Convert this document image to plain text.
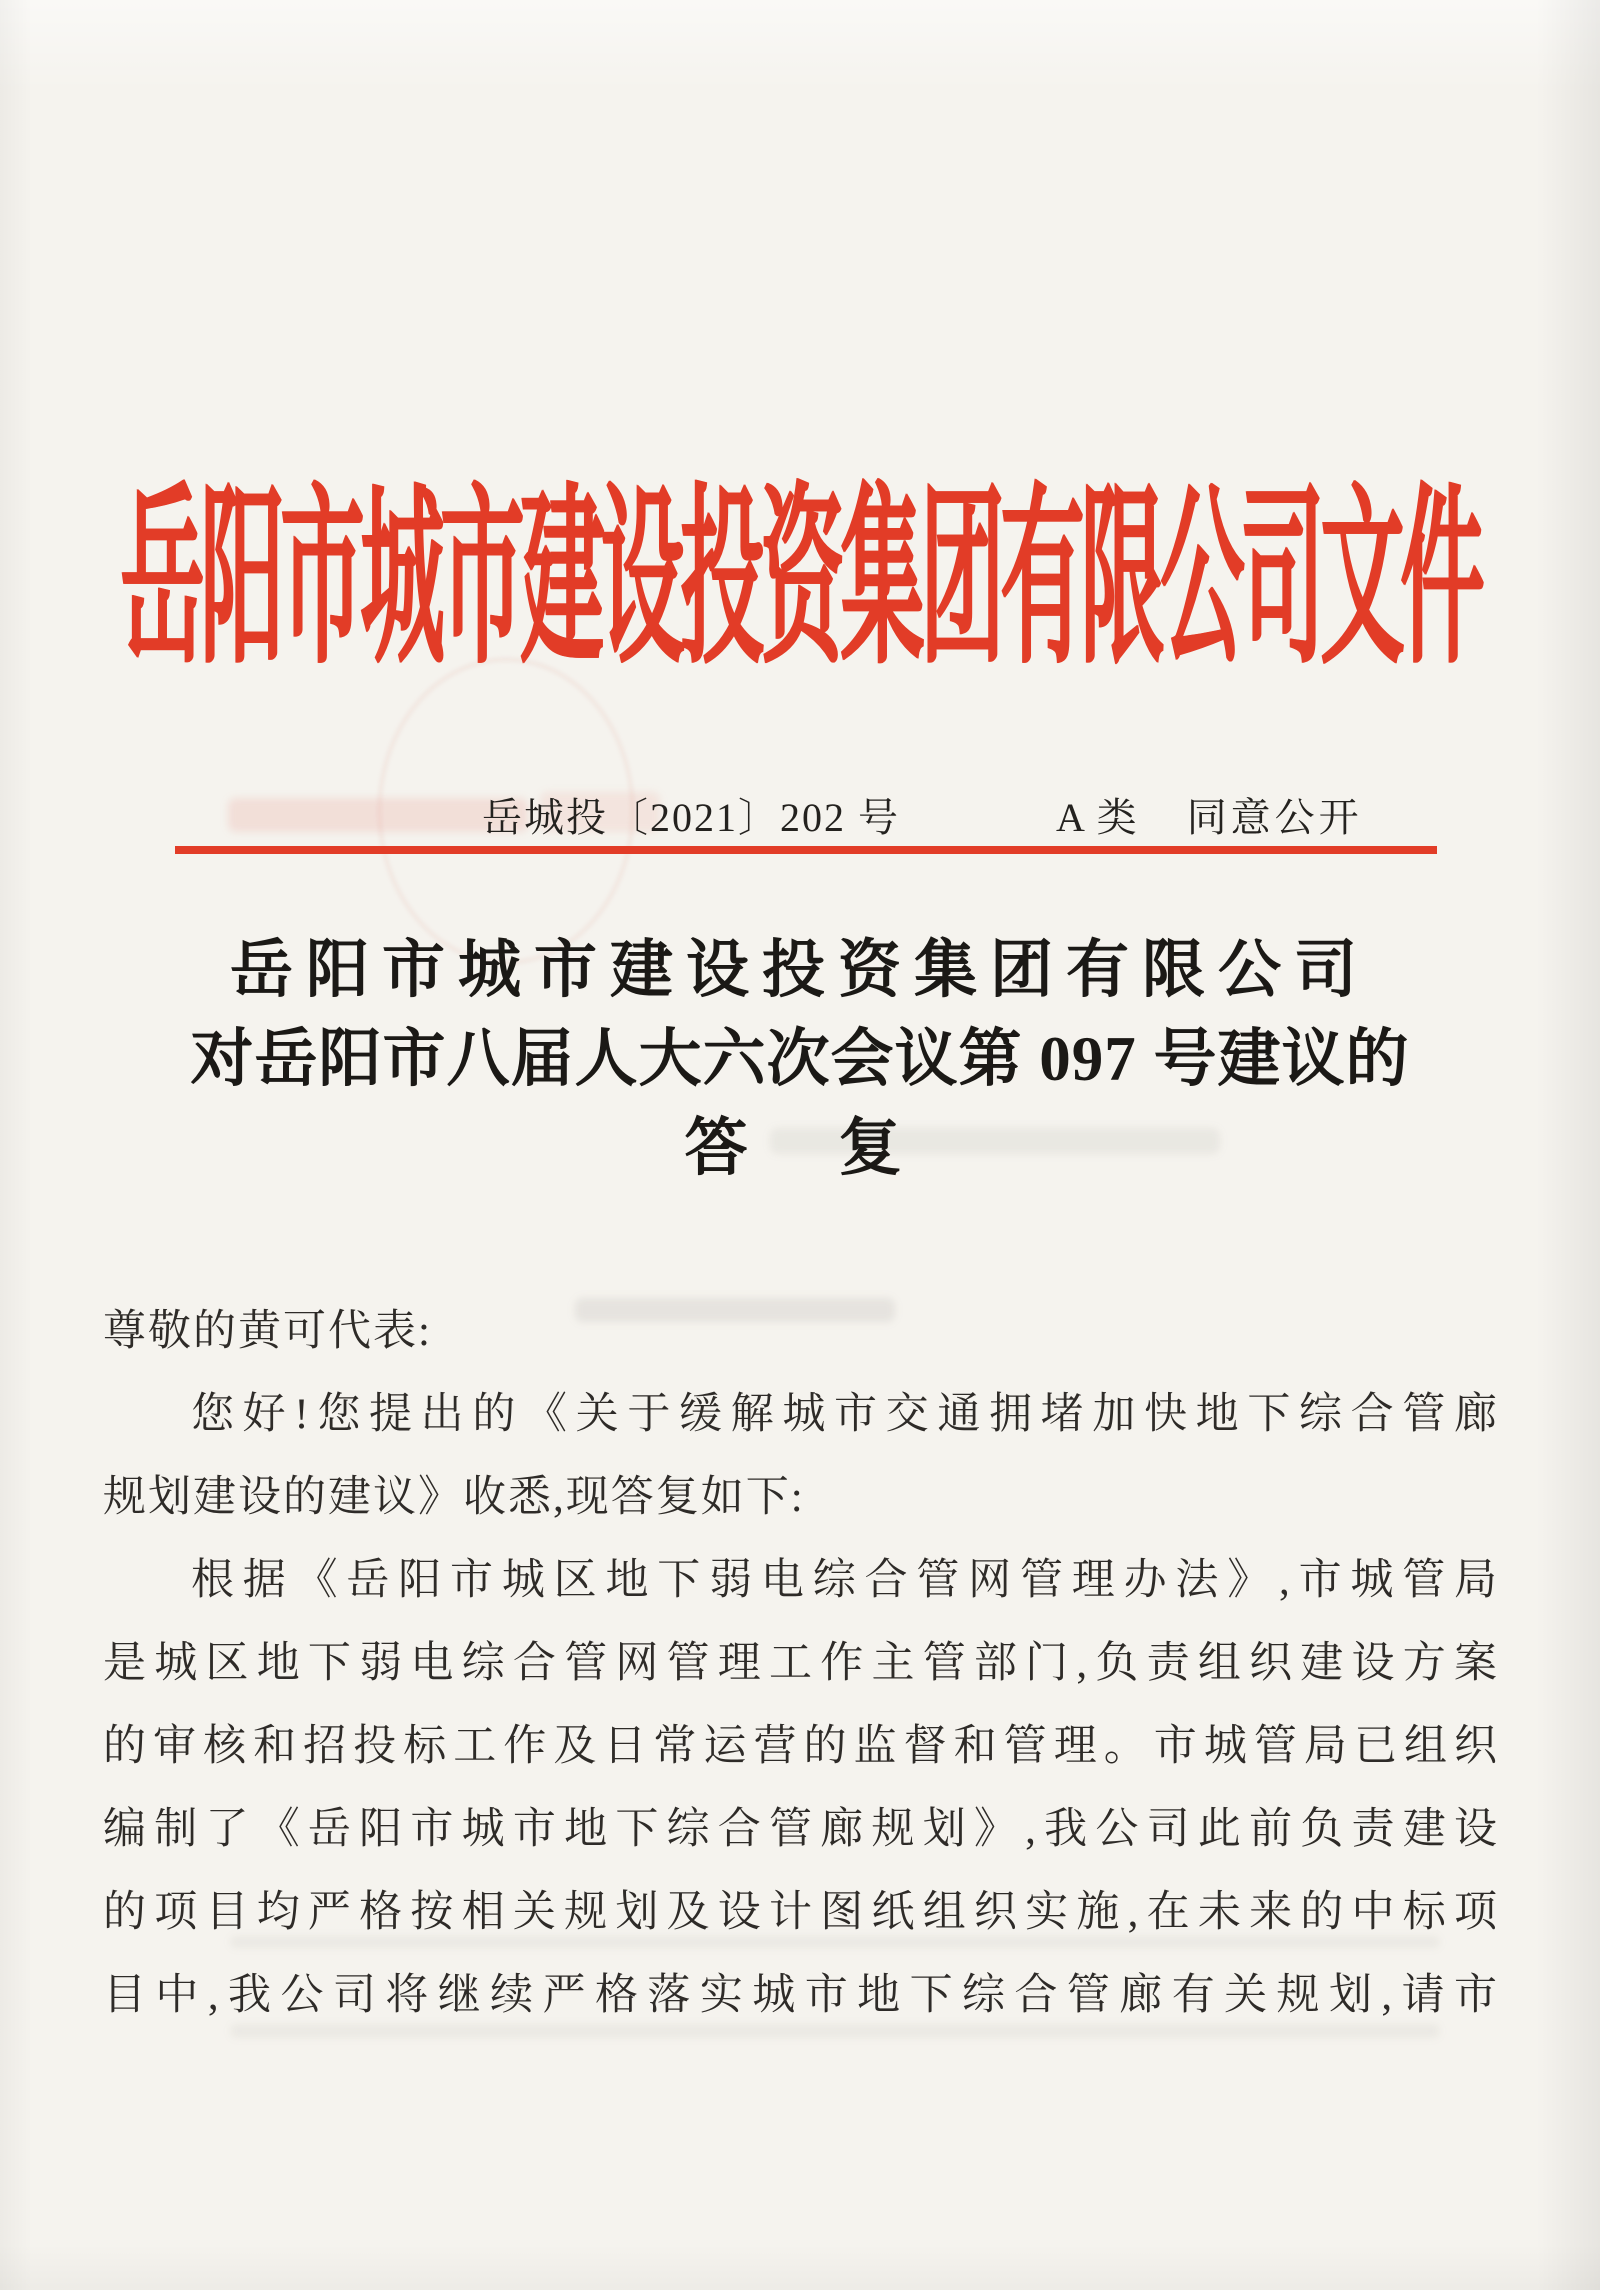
岳阳市城市建设投资集团有限公司文件
岳城投〔2021〕202 号	A 类 同意公开
岳阳市城市建设投资集团有限公司
对岳阳市八届人大六次会议第 097 号建议的
答　复
尊敬的黄可代表:
您好!您提出的《关于缓解城市交通拥堵加快地下综合管廊
规划建设的建议》收悉,现答复如下:
根据《岳阳市城区地下弱电综合管网管理办法》,市城管局
是城区地下弱电综合管网管理工作主管部门,负责组织建设方案
的审核和招投标工作及日常运营的监督和管理。市城管局已组织
编制了《岳阳市城市地下综合管廊规划》,我公司此前负责建设
的项目均严格按相关规划及设计图纸组织实施,在未来的中标项
目中,我公司将继续严格落实城市地下综合管廊有关规划,请市
